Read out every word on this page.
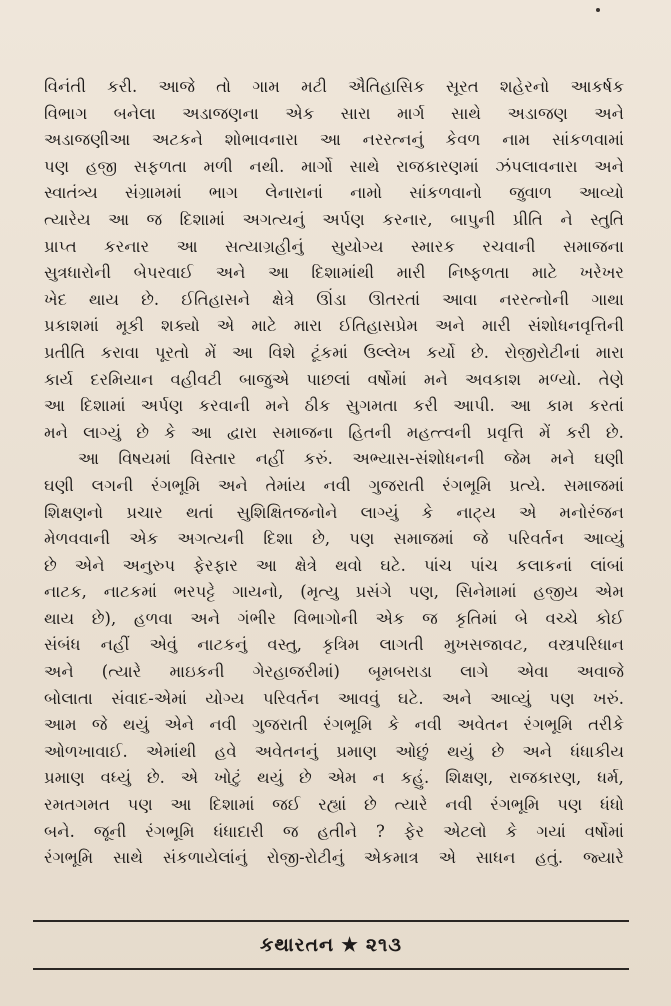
વિનંતી કરી. આજે તો ગામ મટી ઐતિહાસિક સૂરત શહેરનો આકર્ષક
વિભાગ બનેલા અડાજણના એક સારા માર્ગ સાથે અડાજણ અને
અડાજણીઆ અટકને શોભાવનારા આ નરરત્નનું કેવળ નામ સાંકળવામાં
પણ હજી સફળતા મળી નથી. માર્ગો સાથે રાજકારણમાં ઝંપલાવનારા અને
સ્વાતંત્ર્ય સંગ્રામમાં ભાગ લેનારાનાં નામો સાંકળવાનો જુવાળ આવ્યો
ત્યારેય આ જ દિશામાં અગત્યનું અર્પણ કરનાર, બાપુની પ્રીતિ ને સ્તુતિ
પ્રાપ્ત કરનાર આ સત્યાગ્રહીનું સુયોગ્ય સ્મારક રચવાની સમાજના
સુત્રધારોની બેપરવાઈ અને આ દિશામાંથી મારી નિષ્ફળતા માટે ખરેખર
ખેદ થાય છે. ઈતિહાસને ક્ષેત્રે ઊંડા ઊતરતાં આવા નરરત્નોની ગાથા
પ્રકાશમાં મૂકી શક્યો એ માટે મારા ઈતિહાસપ્રેમ અને મારી સંશોધનવૃત્તિની
પ્રતીતિ કરાવા પૂરતો મેં આ વિશે ટૂંકમાં ઉલ્લેખ કર્યો છે. રોજીરોટીનાં મારા
કાર્ય દરમિયાન વહીવટી બાજુએ પાછલાં વર્ષોમાં મને અવકાશ મળ્યો. તેણે
આ દિશામાં અર્પણ કરવાની મને ઠીક સુગમતા કરી આપી. આ કામ કરતાં
મને લાગ્યું છે કે આ દ્વારા સમાજના હિતની મહત્ત્વની પ્રવૃત્તિ મેં કરી છે.
આ વિષયમાં વિસ્તાર નહીં કરું. અભ્યાસ-સંશોધનની જેમ મને ઘણી
ઘણી લગની રંગભૂમિ અને તેમાંય નવી ગુજરાતી રંગભૂમિ પ્રત્યે. સમાજમાં
શિક્ષણનો પ્રચાર થતાં સુશિક્ષિતજનોને લાગ્યું કે નાટ્ય એ મનોરંજન
મેળવવાની એક અગત્યની દિશા છે, પણ સમાજમાં જે પરિવર્તન આવ્યું
છે એને અનુરુપ ફેરફાર આ ક્ષેત્રે થવો ઘટે. પાંચ પાંચ કલાકનાં લાંબાં
નાટક, નાટકમાં ભરપટ્ટે ગાયનો, (મૃત્યુ પ્રસંગે પણ, સિનેમામાં હજીય એમ
થાય છે), હળવા અને ગંભીર વિભાગોની એક જ કૃતિમાં બે વચ્ચે કોઈ
સંબંધ નહીં એવું નાટકનું વસ્તુ, કૃત્રિમ લાગતી મુખસજાવટ, વસ્ત્રપરિધાન
અને (ત્યારે માઇકની ગેરહાજરીમાં) બૂમબરાડા લાગે એવા અવાજે
બોલાતા સંવાદ-એમાં યોગ્ય પરિવર્તન આવવું ઘટે. અને આવ્યું પણ ખરું.
આમ જે થયું એને નવી ગુજરાતી રંગભૂમિ કે નવી અવેતન રંગભૂમિ તરીકે
ઓળખાવાઈ. એમાંથી હવે અવેતનનું પ્રમાણ ઓછું થયું છે અને ધંધાકીય
પ્રમાણ વધ્યું છે. એ ખોટું થયું છે એમ ન કહું. શિક્ષણ, રાજકારણ, ધર્મ,
રમતગમત પણ આ દિશામાં જઈ રહ્યાં છે ત્યારે નવી રંગભૂમિ પણ ધંધો
બને. જૂની રંગભૂમિ ધંધાદારી જ હતીને ? ફેર એટલો કે ગયાં વર્ષોમાં
રંગભૂમિ સાથે સંકળાયેલાંનું રોજી-રોટીનું એકમાત્ર એ સાધન હતું. જ્યારે
કથારતન ★ ૨૧૩
